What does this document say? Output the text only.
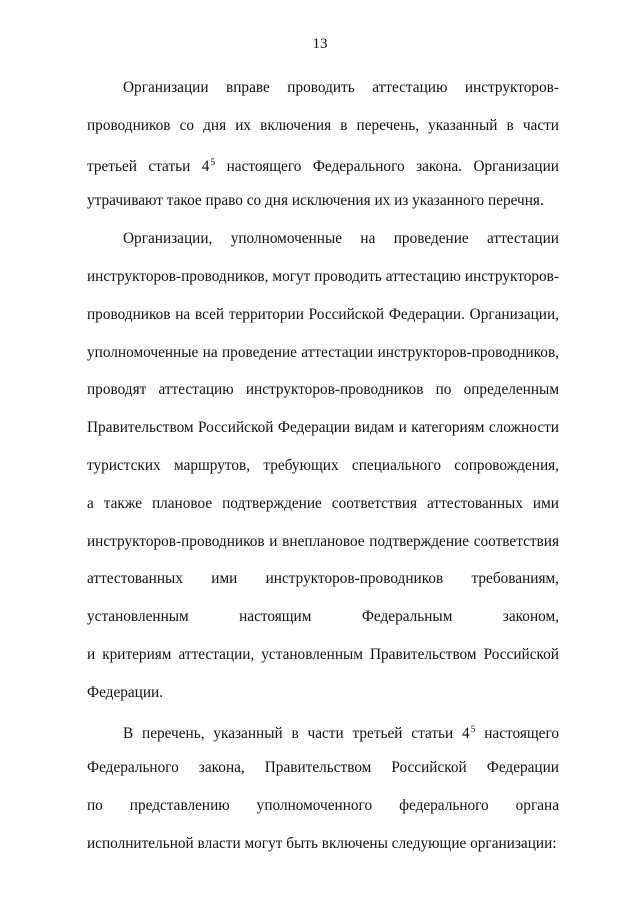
13
Организации вправе проводить аттестацию инструкторов-
проводников со дня их включения в перечень, указанный в части
третьей статьи $4^5$ настоящего Федерального закона. Организации
утрачивают такое право со дня исключения их из указанного перечня.
Организации, уполномоченные на проведение аттестации
инструкторов-проводников, могут проводить аттестацию инструкторов-
проводников на всей территории Российской Федерации. Организации,
уполномоченные на проведение аттестации инструкторов-проводников,
проводят аттестацию инструкторов-проводников по определенным
Правительством Российской Федерации видам и категориям сложности
туристских маршрутов, требующих специального сопровождения,
а также плановое подтверждение соответствия аттестованных ими
инструкторов-проводников и внеплановое подтверждение соответствия
аттестованных ими инструкторов-проводников требованиям,
установленным настоящим Федеральным законом,
и критериям аттестации, установленным Правительством Российской
Федерации.
В перечень, указанный в части третьей статьи $4^5$ настоящего
Федерального закона, Правительством Российской Федерации
по представлению уполномоченного федерального органа
исполнительной власти могут быть включены следующие организации:
